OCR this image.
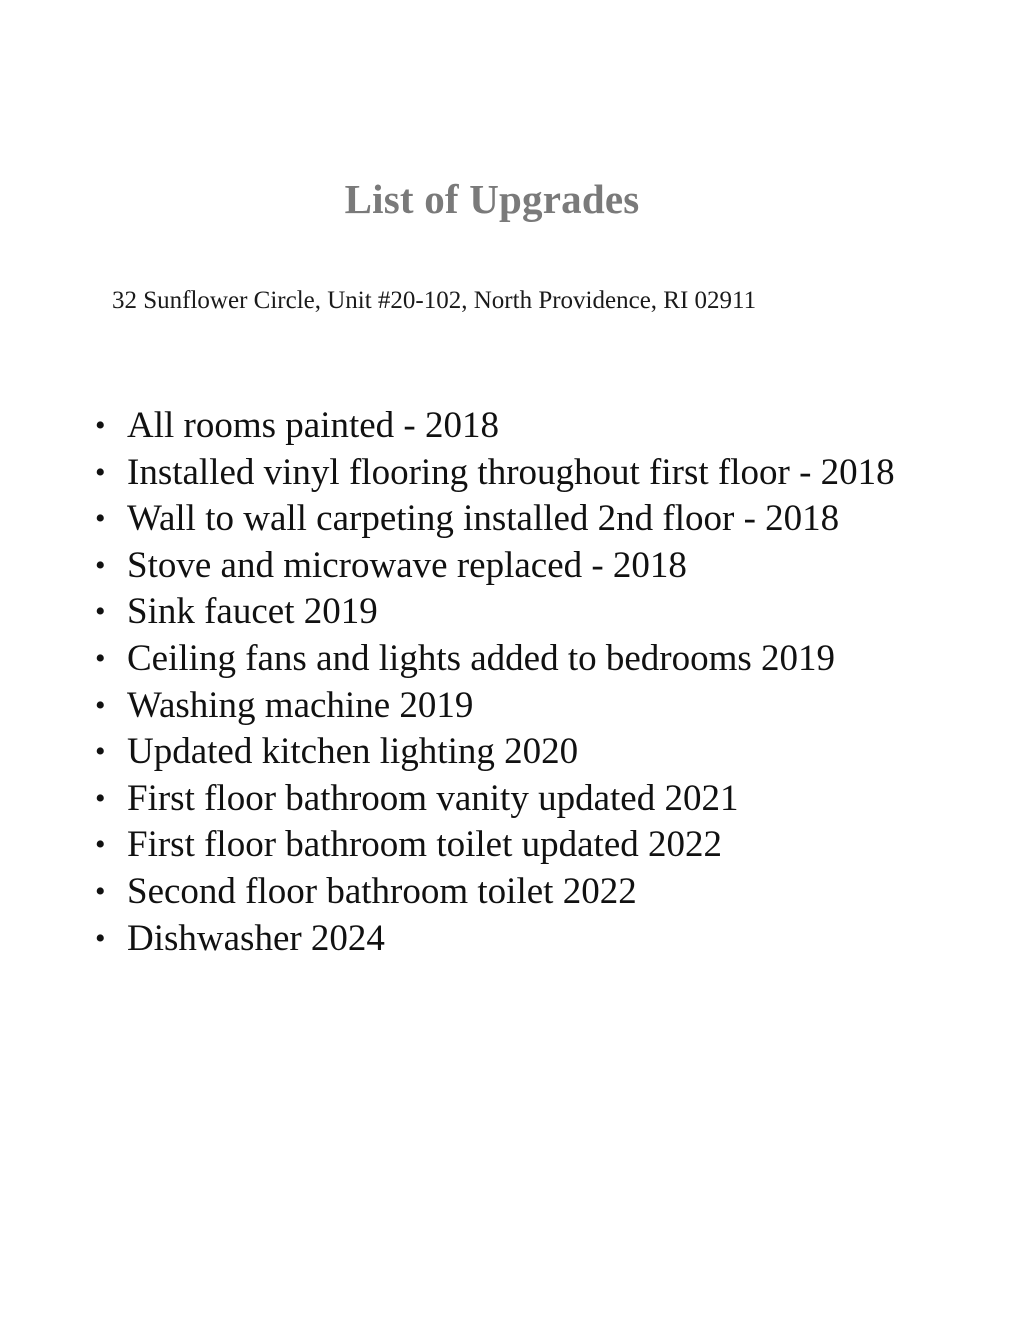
List of Upgrades
32 Sunflower Circle, Unit #20-102, North Providence, RI 02911
• All rooms painted - 2018
• Installed vinyl flooring throughout first floor - 2018
• Wall to wall carpeting installed 2nd floor - 2018
• Stove and microwave replaced - 2018
• Sink faucet 2019
• Ceiling fans and lights added to bedrooms 2019
• Washing machine 2019
• Updated kitchen lighting 2020
• First floor bathroom vanity updated 2021
• First floor bathroom toilet updated 2022
• Second floor bathroom toilet 2022
• Dishwasher 2024
